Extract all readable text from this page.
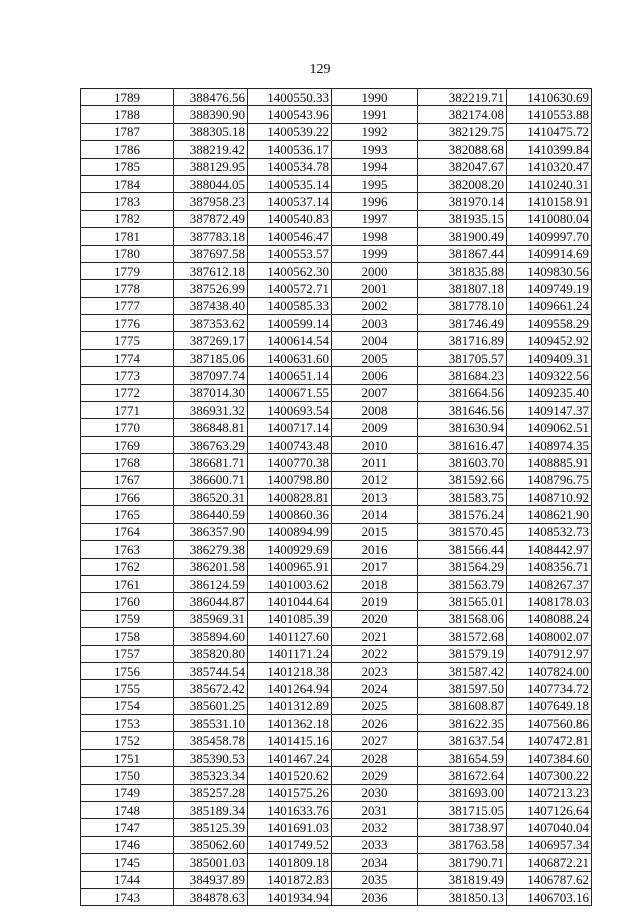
129
1789	388476.56	1400550.33	1990	382219.71	1410630.69
1788	388390.90	1400543.96	1991	382174.08	1410553.88
1787	388305.18	1400539.22	1992	382129.75	1410475.72
1786	388219.42	1400536.17	1993	382088.68	1410399.84
1785	388129.95	1400534.78	1994	382047.67	1410320.47
1784	388044.05	1400535.14	1995	382008.20	1410240.31
1783	387958.23	1400537.14	1996	381970.14	1410158.91
1782	387872.49	1400540.83	1997	381935.15	1410080.04
1781	387783.18	1400546.47	1998	381900.49	1409997.70
1780	387697.58	1400553.57	1999	381867.44	1409914.69
1779	387612.18	1400562.30	2000	381835.88	1409830.56
1778	387526.99	1400572.71	2001	381807.18	1409749.19
1777	387438.40	1400585.33	2002	381778.10	1409661.24
1776	387353.62	1400599.14	2003	381746.49	1409558.29
1775	387269.17	1400614.54	2004	381716.89	1409452.92
1774	387185.06	1400631.60	2005	381705.57	1409409.31
1773	387097.74	1400651.14	2006	381684.23	1409322.56
1772	387014.30	1400671.55	2007	381664.56	1409235.40
1771	386931.32	1400693.54	2008	381646.56	1409147.37
1770	386848.81	1400717.14	2009	381630.94	1409062.51
1769	386763.29	1400743.48	2010	381616.47	1408974.35
1768	386681.71	1400770.38	2011	381603.70	1408885.91
1767	386600.71	1400798.80	2012	381592.66	1408796.75
1766	386520.31	1400828.81	2013	381583.75	1408710.92
1765	386440.59	1400860.36	2014	381576.24	1408621.90
1764	386357.90	1400894.99	2015	381570.45	1408532.73
1763	386279.38	1400929.69	2016	381566.44	1408442.97
1762	386201.58	1400965.91	2017	381564.29	1408356.71
1761	386124.59	1401003.62	2018	381563.79	1408267.37
1760	386044.87	1401044.64	2019	381565.01	1408178.03
1759	385969.31	1401085.39	2020	381568.06	1408088.24
1758	385894.60	1401127.60	2021	381572.68	1408002.07
1757	385820.80	1401171.24	2022	381579.19	1407912.97
1756	385744.54	1401218.38	2023	381587.42	1407824.00
1755	385672.42	1401264.94	2024	381597.50	1407734.72
1754	385601.25	1401312.89	2025	381608.87	1407649.18
1753	385531.10	1401362.18	2026	381622.35	1407560.86
1752	385458.78	1401415.16	2027	381637.54	1407472.81
1751	385390.53	1401467.24	2028	381654.59	1407384.60
1750	385323.34	1401520.62	2029	381672.64	1407300.22
1749	385257.28	1401575.26	2030	381693.00	1407213.23
1748	385189.34	1401633.76	2031	381715.05	1407126.64
1747	385125.39	1401691.03	2032	381738.97	1407040.04
1746	385062.60	1401749.52	2033	381763.58	1406957.34
1745	385001.03	1401809.18	2034	381790.71	1406872.21
1744	384937.89	1401872.83	2035	381819.49	1406787.62
1743	384878.63	1401934.94	2036	381850.13	1406703.16
